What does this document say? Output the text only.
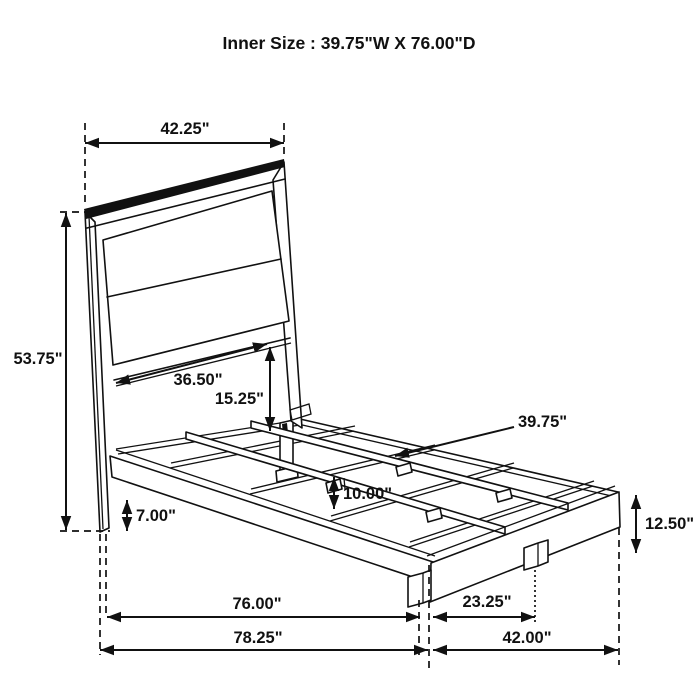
Inner Size : 39.75"W X 76.00"D
42.25"
53.75"
36.50"
15.25"
39.75"
10.00"
7.00"	12.50"
76.00"	23.25"
78.25"	42.00"
